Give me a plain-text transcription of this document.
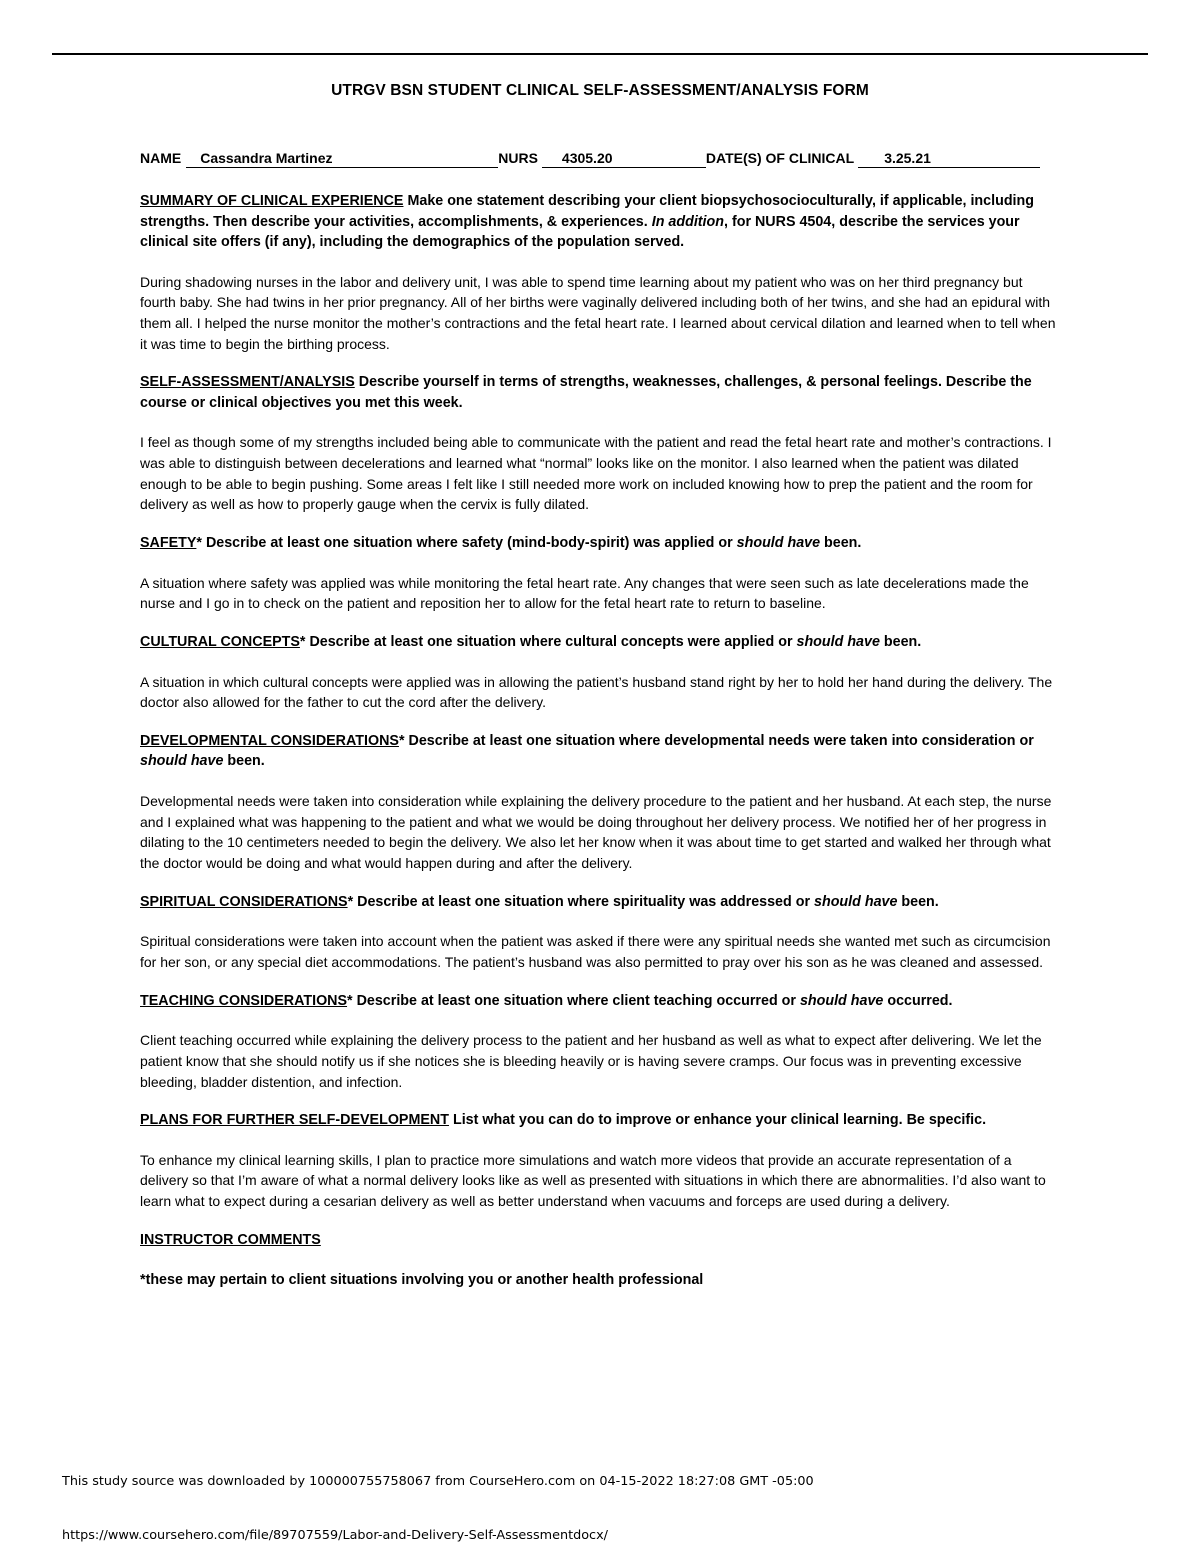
UTRGV BSN STUDENT CLINICAL SELF-ASSESSMENT/ANALYSIS FORM
NAME	Cassandra Martinez	NURS	4305.20	DATE(S) OF CLINICAL	3.25.21

SUMMARY OF CLINICAL EXPERIENCE Make one statement describing your client biopsychosocioculturally, if applicable, including strengths. Then describe your activities, accomplishments, & experiences. In addition, for NURS 4504, describe the services your clinical site offers (if any), including the demographics of the population served.

During shadowing nurses in the labor and delivery unit, I was able to spend time learning about my patient who was on her third pregnancy but fourth baby. She had twins in her prior pregnancy. All of her births were vaginally delivered including both of her twins, and she had an epidural with them all. I helped the nurse monitor the mother’s contractions and the fetal heart rate. I learned about cervical dilation and learned when to tell when it was time to begin the birthing process.

SELF-ASSESSMENT/ANALYSIS Describe yourself in terms of strengths, weaknesses, challenges, & personal feelings. Describe the course or clinical objectives you met this week.

I feel as though some of my strengths included being able to communicate with the patient and read the fetal heart rate and mother’s contractions. I was able to distinguish between decelerations and learned what “normal” looks like on the monitor. I also learned when the patient was dilated enough to be able to begin pushing. Some areas I felt like I still needed more work on included knowing how to prep the patient and the room for delivery as well as how to properly gauge when the cervix is fully dilated.

SAFETY* Describe at least one situation where safety (mind-body-spirit) was applied or should have been.

A situation where safety was applied was while monitoring the fetal heart rate. Any changes that were seen such as late decelerations made the nurse and I go in to check on the patient and reposition her to allow for the fetal heart rate to return to baseline.

CULTURAL CONCEPTS* Describe at least one situation where cultural concepts were applied or should have been.

A situation in which cultural concepts were applied was in allowing the patient’s husband stand right by her to hold her hand during the delivery. The doctor also allowed for the father to cut the cord after the delivery.

DEVELOPMENTAL CONSIDERATIONS* Describe at least one situation where developmental needs were taken into consideration or should have been.

Developmental needs were taken into consideration while explaining the delivery procedure to the patient and her husband. At each step, the nurse and I explained what was happening to the patient and what we would be doing throughout her delivery process. We notified her of her progress in dilating to the 10 centimeters needed to begin the delivery. We also let her know when it was about time to get started and walked her through what the doctor would be doing and what would happen during and after the delivery.

SPIRITUAL CONSIDERATIONS* Describe at least one situation where spirituality was addressed or should have been.

Spiritual considerations were taken into account when the patient was asked if there were any spiritual needs she wanted met such as circumcision for her son, or any special diet accommodations. The patient’s husband was also permitted to pray over his son as he was cleaned and assessed.

TEACHING CONSIDERATIONS* Describe at least one situation where client teaching occurred or should have occurred.

Client teaching occurred while explaining the delivery process to the patient and her husband as well as what to expect after delivering. We let the patient know that she should notify us if she notices she is bleeding heavily or is having severe cramps. Our focus was in preventing excessive bleeding, bladder distention, and infection.

PLANS FOR FURTHER SELF-DEVELOPMENT List what you can do to improve or enhance your clinical learning. Be specific.

To enhance my clinical learning skills, I plan to practice more simulations and watch more videos that provide an accurate representation of a delivery so that I’m aware of what a normal delivery looks like as well as presented with situations in which there are abnormalities. I’d also want to learn what to expect during a cesarian delivery as well as better understand when vacuums and forceps are used during a delivery.

INSTRUCTOR COMMENTS

*these may pertain to client situations involving you or another health professional

This study source was downloaded by 100000755758067 from CourseHero.com on 04-15-2022 18:27:08 GMT -05:00
https://www.coursehero.com/file/89707559/Labor-and-Delivery-Self-Assessmentdocx/
